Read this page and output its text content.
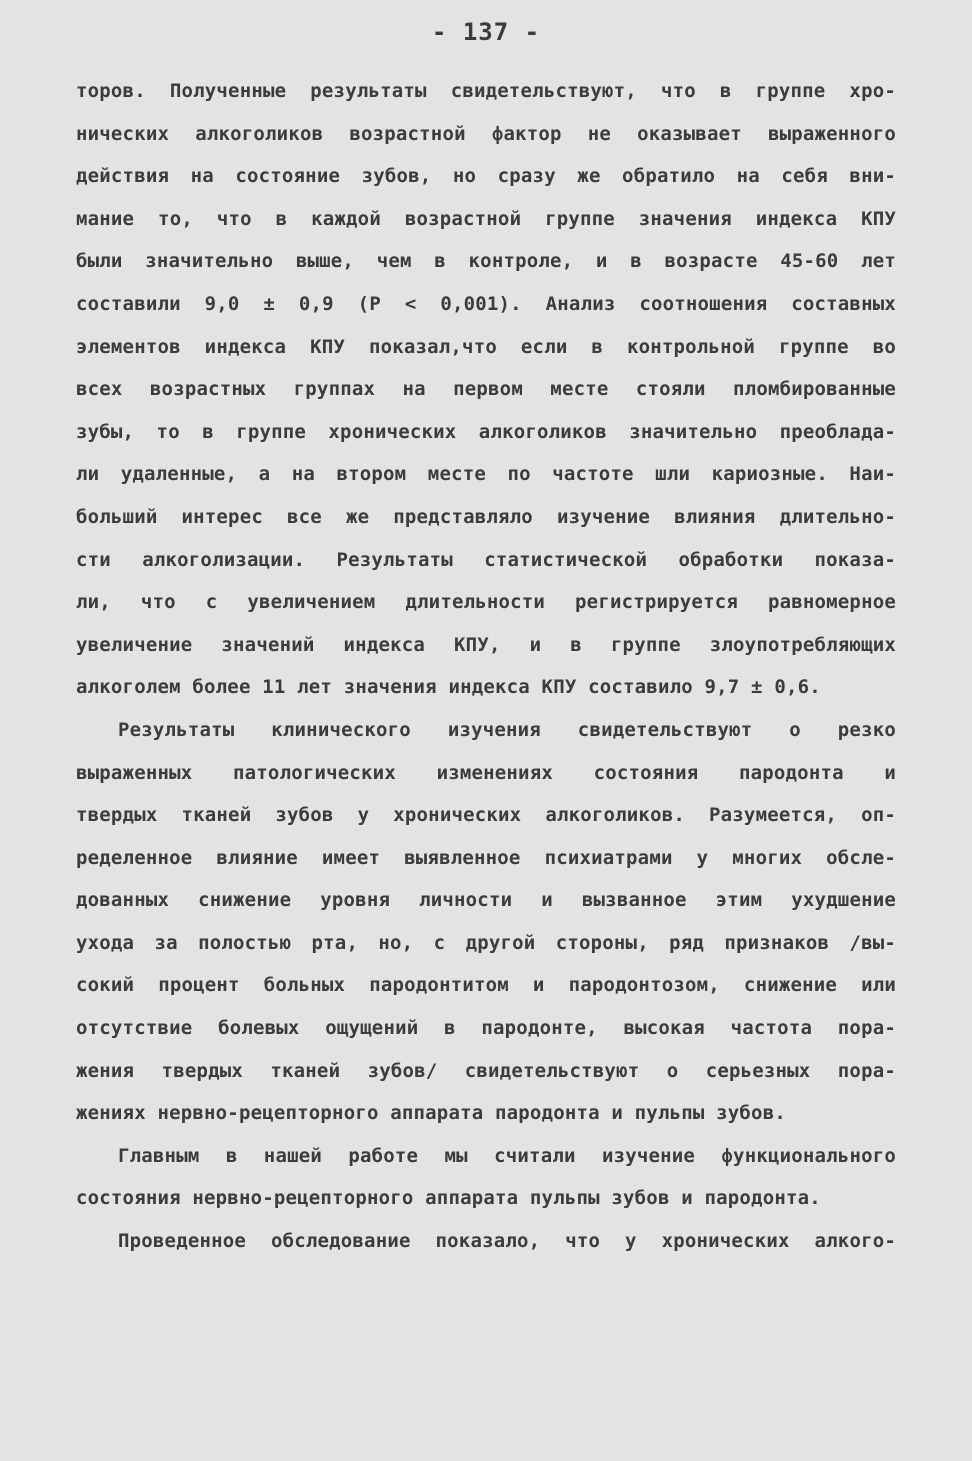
- 137 -
торов. Полученные результаты свидетельствуют, что в группе хро-
нических алкоголиков возрастной фактор не оказывает выраженного
действия на состояние зубов, но сразу же обратило на себя вни-
мание то, что в каждой возрастной группе значения индекса КПУ
были значительно выше, чем в контроле, и в возрасте 45-60 лет
составили 9,0 ± 0,9 (P < 0,001). Анализ соотношения составных
элементов индекса КПУ показал,что если в контрольной группе во
всех возрастных группах на первом месте стояли пломбированные
зубы, то в группе хронических алкоголиков значительно преоблада-
ли удаленные, а на втором месте по частоте шли кариозные. Наи-
больший интерес все же представляло изучение влияния длительно-
сти алкоголизации. Результаты статистической обработки показа-
ли, что с увеличением длительности регистрируется равномерное
увеличение значений индекса КПУ, и в группе злоупотребляющих
алкоголем более 11 лет значения индекса КПУ составило 9,7 ± 0,6.
Результаты клинического изучения свидетельствуют о резко
выраженных патологических изменениях состояния пародонта и
твердых тканей зубов у хронических алкоголиков. Разумеется, оп-
ределенное влияние имеет выявленное психиатрами у многих обсле-
дованных снижение уровня личности и вызванное этим ухудшение
ухода за полостью рта, но, с другой стороны, ряд признаков /вы-
сокий процент больных пародонтитом и пародонтозом, снижение или
отсутствие болевых ощущений в пародонте, высокая частота пора-
жения твердых тканей зубов/ свидетельствуют о серьезных пора-
жениях нервно-рецепторного аппарата пародонта и пульпы зубов.
Главным в нашей работе мы считали изучение функционального
состояния нервно-рецепторного аппарата пульпы зубов и пародонта.
Проведенное обследование показало, что у хронических алкого-
